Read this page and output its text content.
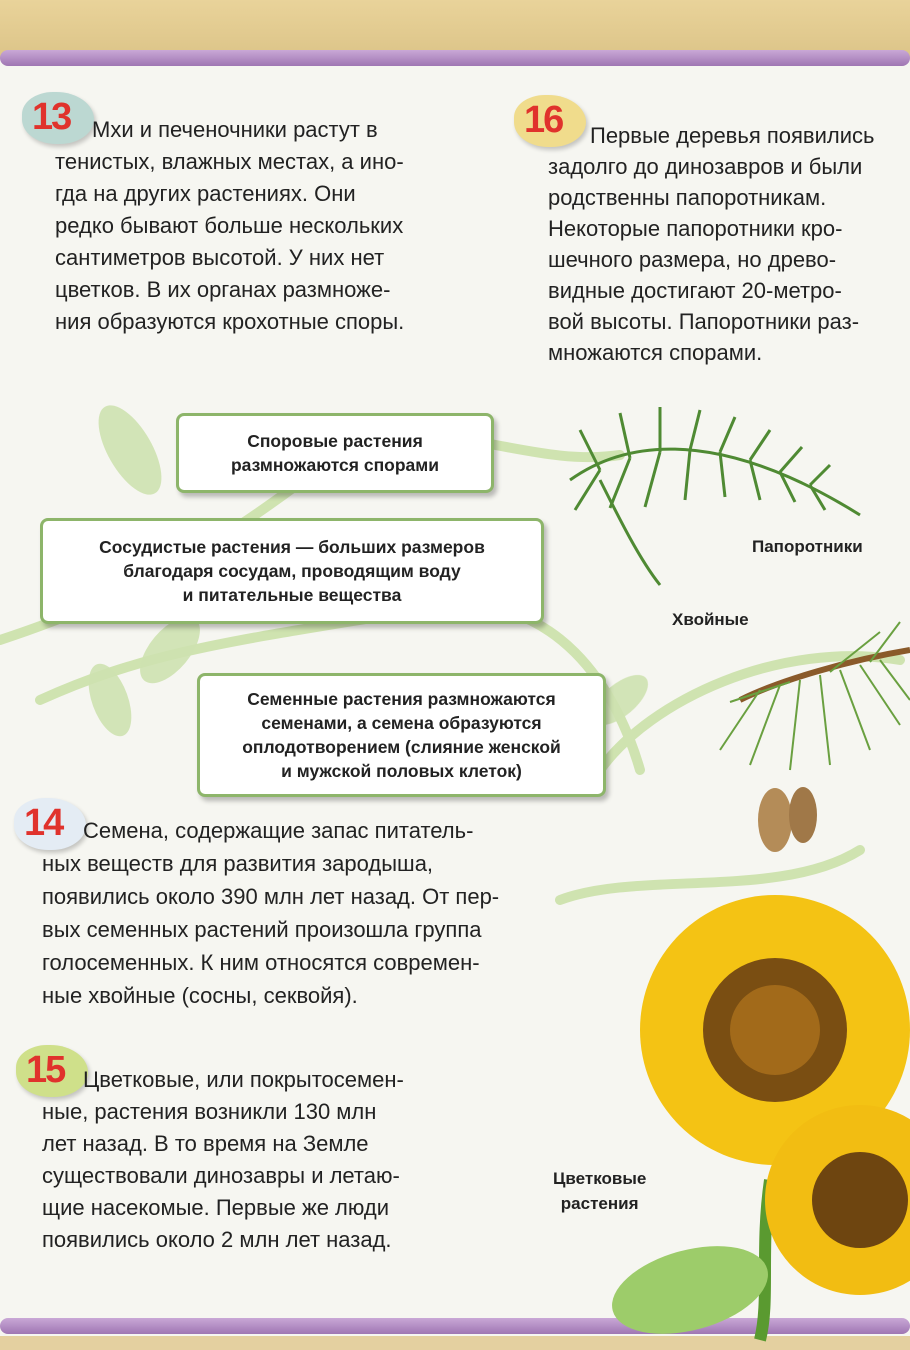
13	16
14
15
Мхи и печеночники растут в
тенистых, влажных местах, а ино-
гда на других растениях. Они
редко бывают больше нескольких
сантиметров высотой. У них нет
цветков. В их органах размноже-
ния образуются крохотные споры.
Первые деревья появились
задолго до динозавров и были
родственны папоротникам.
Некоторые папоротники кро-
шечного размера, но древо-
видные достигают 20-метро-
вой высоты. Папоротники раз-
множаются спорами.
Семена, содержащие запас питатель-
ных веществ для развития зародыша,
появились около 390 млн лет назад. От пер-
вых семенных растений произошла группа
голосеменных. К ним относятся современ-
ные хвойные (сосны, секвойя).
Цветковые, или покрытосемен-
ные, растения возникли 130 млн
лет назад. В то время на Земле
существовали динозавры и летаю-
щие насекомые. Первые же люди
появились около 2 млн лет назад.
Споровые растения
размножаются спорами
Сосудистые растения — больших размеров
благодаря сосудам, проводящим воду
и питательные вещества
Семенные растения размножаются
семенами, а семена образуются
оплодотворением (слияние женской
и мужской половых клеток)
Папоротники
Хвойные
Цветковые
растения
